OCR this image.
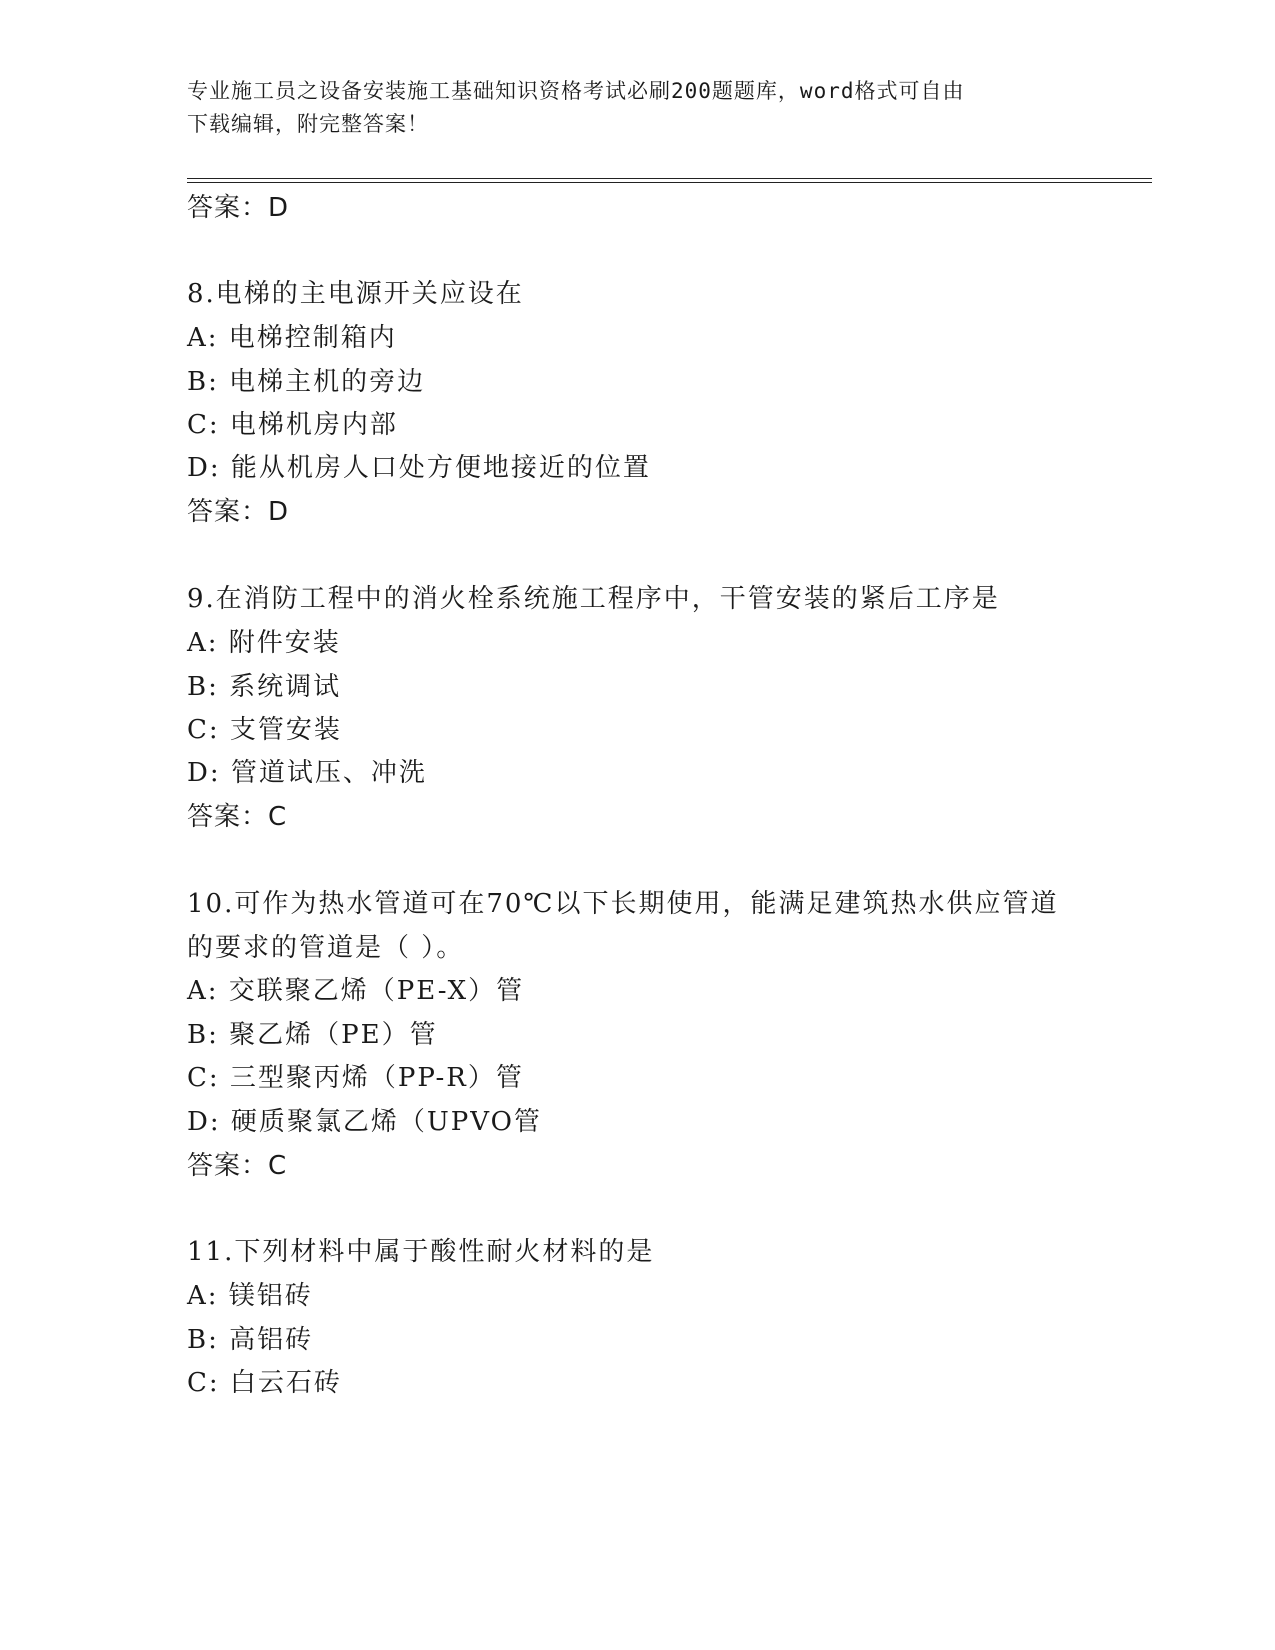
专业施工员之设备安装施工基础知识资格考试必刷200题题库，word格式可自由
下载编辑，附完整答案！
答案：D
8.电梯的主电源开关应设在
A: 电梯控制箱内
B: 电梯主机的旁边
C: 电梯机房内部
D: 能从机房人口处方便地接近的位置
答案：D
9.在消防工程中的消火栓系统施工程序中，干管安装的紧后工序是
A: 附件安装
B: 系统调试
C: 支管安装
D: 管道试压、冲洗
答案：C
10.可作为热水管道可在70℃以下长期使用，能满足建筑热水供应管道
的要求的管道是（ ）。
A: 交联聚乙烯（PE-X）管
B: 聚乙烯（PE）管
C: 三型聚丙烯（PP-R）管
D: 硬质聚氯乙烯（UPVO管
答案：C
11.下列材料中属于酸性耐火材料的是
A: 镁铝砖
B: 高铝砖
C: 白云石砖
